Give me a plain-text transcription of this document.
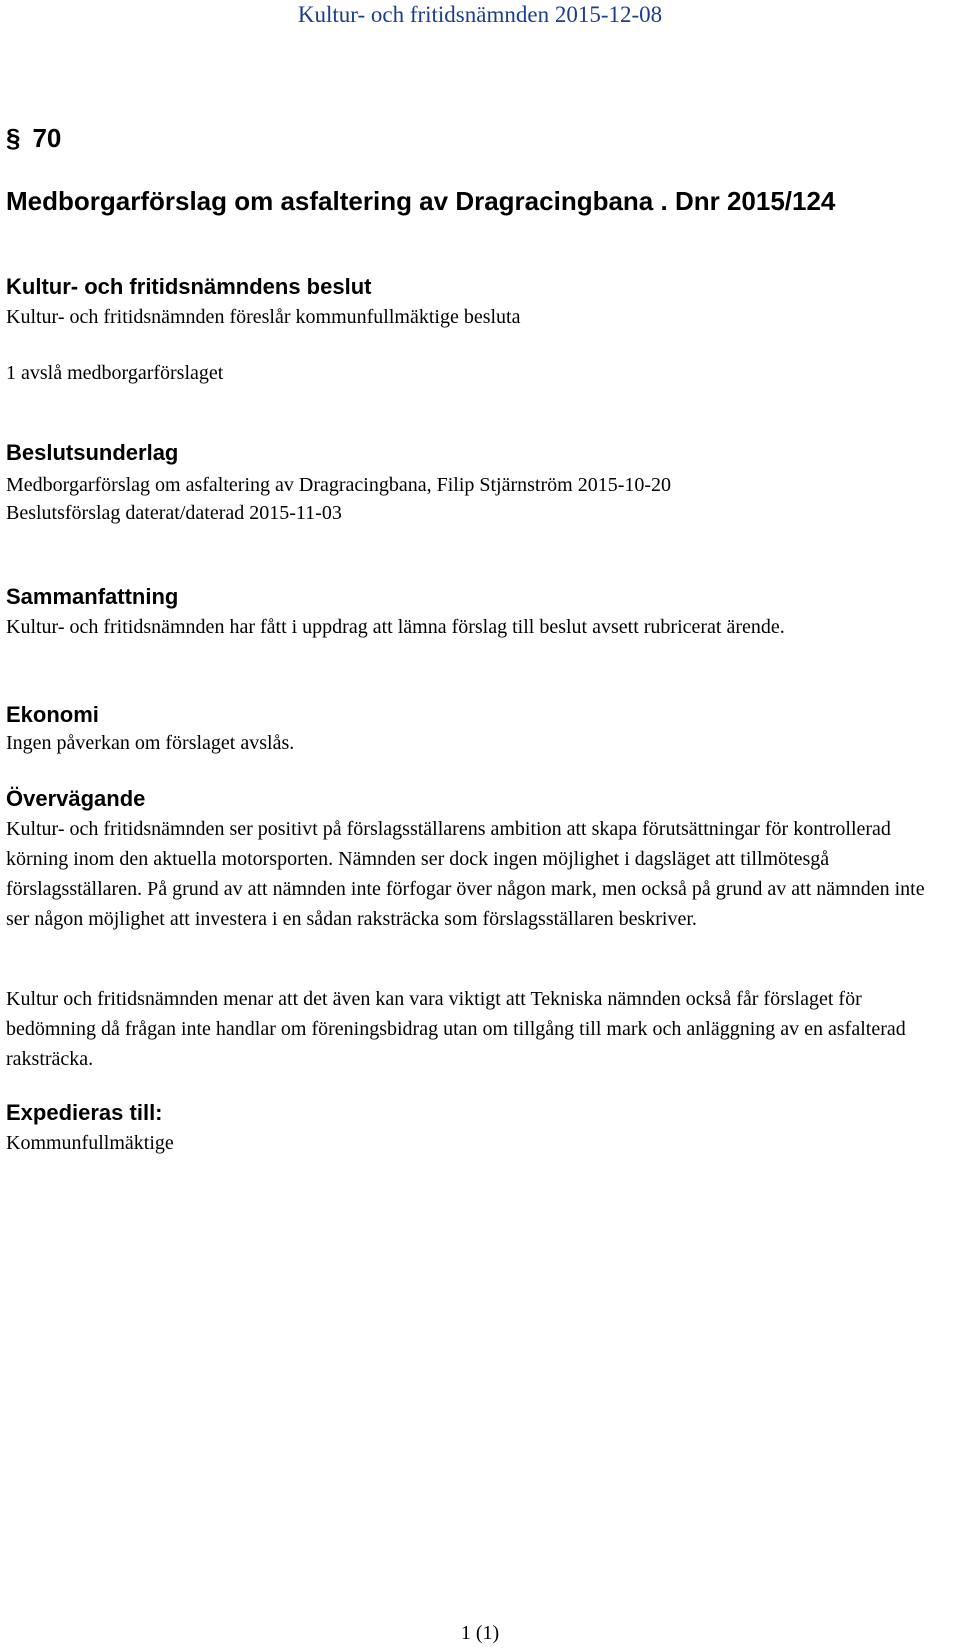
Kultur- och fritidsnämnden 2015-12-08
§ 70
Medborgarförslag om asfaltering av Dragracingbana . Dnr 2015/124
Kultur- och fritidsnämndens beslut
Kultur- och fritidsnämnden föreslår kommunfullmäktige besluta
1 avslå medborgarförslaget
Beslutsunderlag
Medborgarförslag om asfaltering av Dragracingbana, Filip Stjärnström 2015-10-20
Beslutsförslag daterat/daterad 2015-11-03
Sammanfattning
Kultur- och fritidsnämnden har fått i uppdrag att lämna förslag till beslut avsett rubricerat ärende.
Ekonomi
Ingen påverkan om förslaget avslås.
Övervägande

Kultur- och fritidsnämnden ser positivt på förslagsställarens ambition att skapa förutsättningar för kontrollerad körning inom den aktuella motorsporten. Nämnden ser dock ingen möjlighet i dagsläget att tillmötesgå förslagsställaren. På grund av att nämnden inte förfogar över någon mark, men också på grund av att nämnden inte ser någon möjlighet att investera i en sådan raksträcka som förslagsställaren beskriver.

Kultur och fritidsnämnden menar att det även kan vara viktigt att Tekniska nämnden också får förslaget för bedömning då frågan inte handlar om föreningsbidrag utan om tillgång till mark och anläggning av en asfalterad raksträcka.

Expedieras till:
Kommunfullmäktige
1 (1)
